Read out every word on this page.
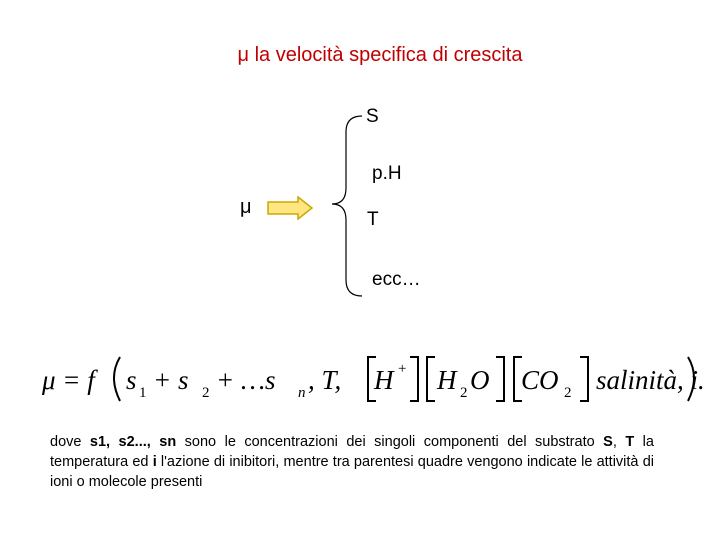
μ la velocità specifica di crescita
μ
S
p.H
T
ecc…
μ = f s 1 + s 2 + …s n , T, H + H 2 O CO 2 salinità, i.
dove s1, s2..., sn sono le concentrazioni dei singoli componenti del substrato S, T la temperatura ed i l'azione di inibitori, mentre tra parentesi quadre vengono indicate le attività di ioni o molecole presenti
